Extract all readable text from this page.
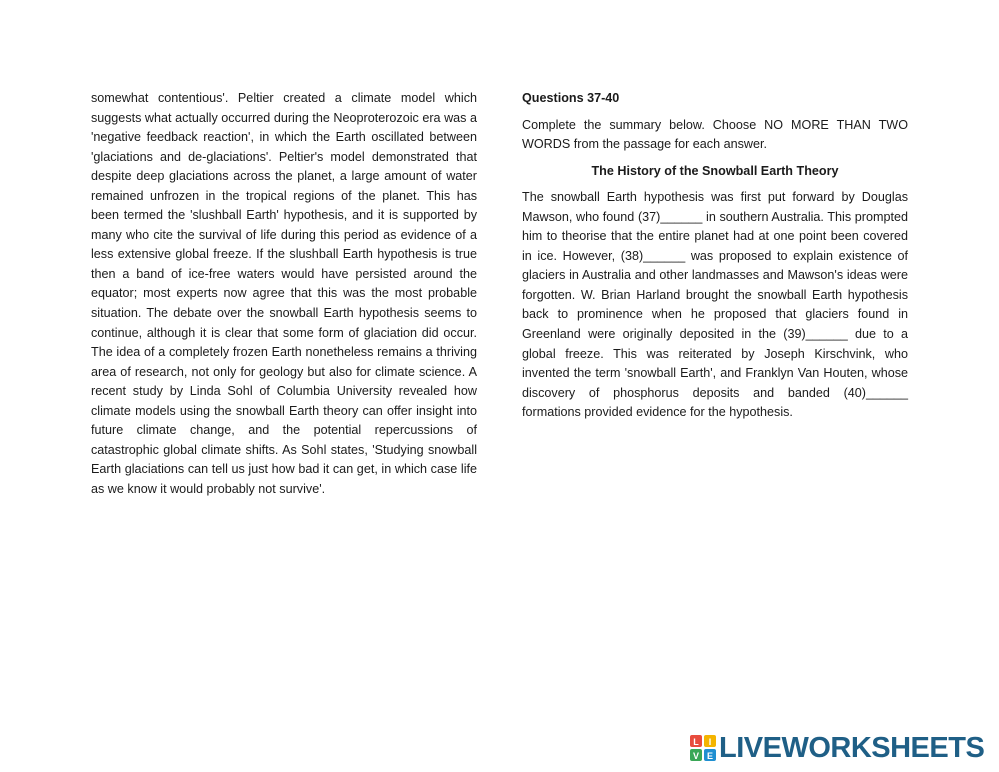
somewhat contentious'. Peltier created a climate model which suggests what actually occurred during the Neoproterozoic era was a 'negative feedback reaction', in which the Earth oscillated between 'glaciations and de-glaciations'. Peltier's model demonstrated that despite deep glaciations across the planet, a large amount of water remained unfrozen in the tropical regions of the planet. This has been termed the 'slushball Earth' hypothesis, and it is supported by many who cite the survival of life during this period as evidence of a less extensive global freeze. If the slushball Earth hypothesis is true then a band of ice-free waters would have persisted around the equator; most experts now agree that this was the most probable situation. The debate over the snowball Earth hypothesis seems to continue, although it is clear that some form of glaciation did occur. The idea of a completely frozen Earth nonetheless remains a thriving area of research, not only for geology but also for climate science. A recent study by Linda Sohl of Columbia University revealed how climate models using the snowball Earth theory can offer insight into future climate change, and the potential repercussions of catastrophic global climate shifts. As Sohl states, 'Studying snowball Earth glaciations can tell us just how bad it can get, in which case life as we know it would probably not survive'.

Questions 37-40

Complete the summary below. Choose NO MORE THAN TWO WORDS from the passage for each answer.

The History of the Snowball Earth Theory

The snowball Earth hypothesis was first put forward by Douglas Mawson, who found (37)______ in southern Australia. This prompted him to theorise that the entire planet had at one point been covered in ice. However, (38)______ was proposed to explain existence of glaciers in Australia and other landmasses and Mawson's ideas were forgotten. W. Brian Harland brought the snowball Earth hypothesis back to prominence when he proposed that glaciers found in Greenland were originally deposited in the (39)______ due to a global freeze. This was reiterated by Joseph Kirschvink, who invented the term 'snowball Earth', and Franklyn Van Houten, whose discovery of phosphorus deposits and banded (40)______ formations provided evidence for the hypothesis.

L I
V E LIVEWORKSHEETS
